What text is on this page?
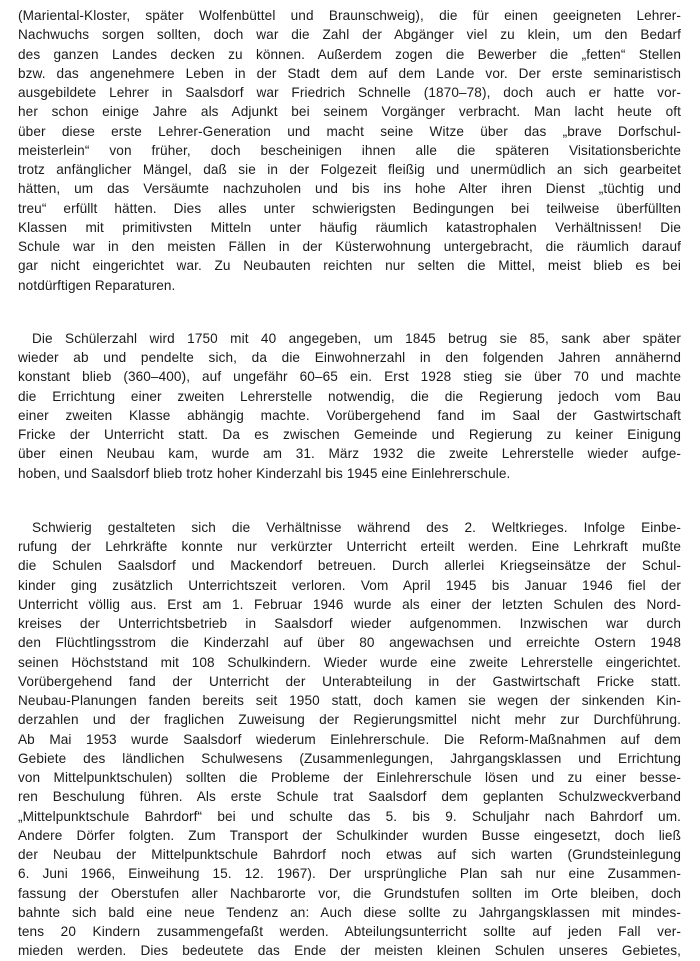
(Mariental-Kloster, später Wolfenbüttel und Braunschweig), die für einen geeigneten Lehrer-
Nachwuchs sorgen sollten, doch war die Zahl der Abgänger viel zu klein, um den Bedarf
des ganzen Landes decken zu können. Außerdem zogen die Bewerber die „fetten“ Stellen
bzw. das angenehmere Leben in der Stadt dem auf dem Lande vor. Der erste seminaristisch
ausgebildete Lehrer in Saalsdorf war Friedrich Schnelle (1870–78), doch auch er hatte vor-
her schon einige Jahre als Adjunkt bei seinem Vorgänger verbracht. Man lacht heute oft
über diese erste Lehrer-Generation und macht seine Witze über das „brave Dorfschul-
meisterlein“ von früher, doch bescheinigen ihnen alle die späteren Visitationsberichte
trotz anfänglicher Mängel, daß sie in der Folgezeit fleißig und unermüdlich an sich gearbeitet
hätten, um das Versäumte nachzuholen und bis ins hohe Alter ihren Dienst „tüchtig und
treu“ erfüllt hätten. Dies alles unter schwierigsten Bedingungen bei teilweise überfüllten
Klassen mit primitivsten Mitteln unter häufig räumlich katastrophalen Verhältnissen! Die
Schule war in den meisten Fällen in der Küsterwohnung untergebracht, die räumlich darauf
gar nicht eingerichtet war. Zu Neubauten reichten nur selten die Mittel, meist blieb es bei
notdürftigen Reparaturen.
Die Schülerzahl wird 1750 mit 40 angegeben, um 1845 betrug sie 85, sank aber später
wieder ab und pendelte sich, da die Einwohnerzahl in den folgenden Jahren annähernd
konstant blieb (360–400), auf ungefähr 60–65 ein. Erst 1928 stieg sie über 70 und machte
die Errichtung einer zweiten Lehrerstelle notwendig, die die Regierung jedoch vom Bau
einer zweiten Klasse abhängig machte. Vorübergehend fand im Saal der Gastwirtschaft
Fricke der Unterricht statt. Da es zwischen Gemeinde und Regierung zu keiner Einigung
über einen Neubau kam, wurde am 31. März 1932 die zweite Lehrerstelle wieder aufge-
hoben, und Saalsdorf blieb trotz hoher Kinderzahl bis 1945 eine Einlehrerschule.
Schwierig gestalteten sich die Verhältnisse während des 2. Weltkrieges. Infolge Einbe-
rufung der Lehrkräfte konnte nur verkürzter Unterricht erteilt werden. Eine Lehrkraft mußte
die Schulen Saalsdorf und Mackendorf betreuen. Durch allerlei Kriegseinsätze der Schul-
kinder ging zusätzlich Unterrichtszeit verloren. Vom April 1945 bis Januar 1946 fiel der
Unterricht völlig aus. Erst am 1. Februar 1946 wurde als einer der letzten Schulen des Nord-
kreises der Unterrichtsbetrieb in Saalsdorf wieder aufgenommen. Inzwischen war durch
den Flüchtlingsstrom die Kinderzahl auf über 80 angewachsen und erreichte Ostern 1948
seinen Höchststand mit 108 Schulkindern. Wieder wurde eine zweite Lehrerstelle eingerichtet.
Vorübergehend fand der Unterricht der Unterabteilung in der Gastwirtschaft Fricke statt.
Neubau-Planungen fanden bereits seit 1950 statt, doch kamen sie wegen der sinkenden Kin-
derzahlen und der fraglichen Zuweisung der Regierungsmittel nicht mehr zur Durchführung.
Ab Mai 1953 wurde Saalsdorf wiederum Einlehrerschule. Die Reform-Maßnahmen auf dem
Gebiete des ländlichen Schulwesens (Zusammenlegungen, Jahrgangsklassen und Errichtung
von Mittelpunktschulen) sollten die Probleme der Einlehrerschule lösen und zu einer besse-
ren Beschulung führen. Als erste Schule trat Saalsdorf dem geplanten Schulzweckverband
„Mittelpunktschule Bahrdorf“ bei und schulte das 5. bis 9. Schuljahr nach Bahrdorf um.
Andere Dörfer folgten. Zum Transport der Schulkinder wurden Busse eingesetzt, doch ließ
der Neubau der Mittelpunktschule Bahrdorf noch etwas auf sich warten (Grundsteinlegung
6. Juni 1966, Einweihung 15. 12. 1967). Der ursprüngliche Plan sah nur eine Zusammen-
fassung der Oberstufen aller Nachbarorte vor, die Grundstufen sollten im Orte bleiben, doch
bahnte sich bald eine neue Tendenz an: Auch diese sollte zu Jahrgangsklassen mit mindes-
tens 20 Kindern zusammengefaßt werden. Abteilungsunterricht sollte auf jeden Fall ver-
mieden werden. Dies bedeutete das Ende der meisten kleinen Schulen unseres Gebietes,
